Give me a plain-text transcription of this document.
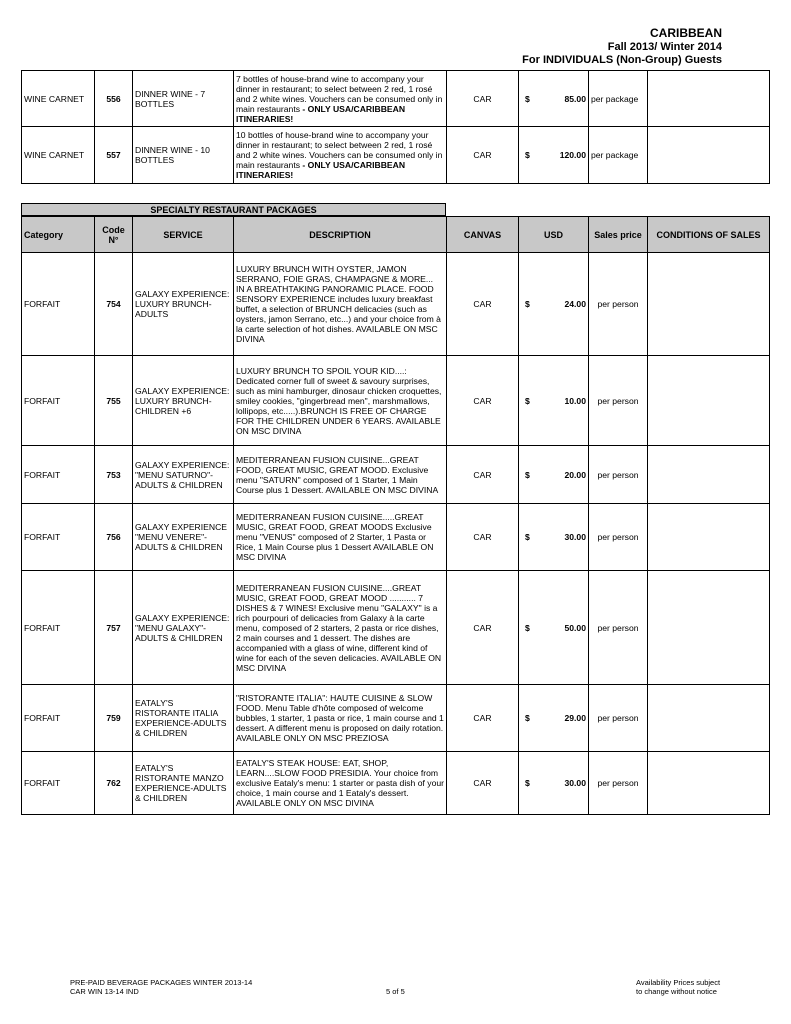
CARIBBEAN
Fall 2013/ Winter 2014
For INDIVIDUALS (Non-Group) Guests
WINE CARNET	556	DINNER WINE - 7 BOTTLES	7 bottles of house-brand wine to accompany your dinner in restaurant; to select between 2 red, 1 rosé and 2 white wines. Vouchers can be consumed only in main restaurants - ONLY USA/CARIBBEAN ITINERARIES!	CAR	$ 85.00	per package	
WINE CARNET	557	DINNER WINE - 10 BOTTLES	10 bottles of house-brand wine to accompany your dinner in restaurant; to select between 2 red, 1 rosé and 2 white wines. Vouchers can be consumed only in main restaurants - ONLY USA/CARIBBEAN ITINERARIES!	CAR	$ 120.00	per package	
SPECIALTY RESTAURANT PACKAGES
Category	Code N°	SERVICE	DESCRIPTION	CANVAS	USD	Sales price	CONDITIONS OF SALES
FORFAIT	754	GALAXY EXPERIENCE: LUXURY BRUNCH-ADULTS	LUXURY BRUNCH WITH OYSTER, JAMON SERRANO, FOIE GRAS, CHAMPAGNE & MORE... IN A BREATHTAKING PANORAMIC PLACE. FOOD SENSORY EXPERIENCE includes luxury breakfast buffet, a selection of BRUNCH delicacies (such as oysters, jamon Serrano, etc...) and your choice from à la carte selection of hot dishes. AVAILABLE ON MSC DIVINA	CAR	$ 24.00	per person	
FORFAIT	755	GALAXY EXPERIENCE: LUXURY BRUNCH-CHILDREN +6	LUXURY BRUNCH TO SPOIL YOUR KID....: Dedicated corner full of sweet & savoury surprises, such as mini hamburger, dinosaur chicken croquettes, smiley cookies, "gingerbread men", marshmallows, lollipops, etc.....).BRUNCH IS FREE OF CHARGE FOR THE CHILDREN UNDER 6 YEARS. AVAILABLE ON MSC DIVINA	CAR	$ 10.00	per person	
FORFAIT	753	GALAXY EXPERIENCE: "MENU SATURNO"-ADULTS & CHILDREN	MEDITERRANEAN FUSION CUISINE...GREAT FOOD, GREAT MUSIC, GREAT MOOD. Exclusive menu "SATURN" composed of 1 Starter, 1 Main Course plus 1 Dessert. AVAILABLE ON MSC DIVINA	CAR	$ 20.00	per person	
FORFAIT	756	GALAXY EXPERIENCE "MENU VENERE"-ADULTS & CHILDREN	MEDITERRANEAN FUSION CUISINE.....GREAT MUSIC, GREAT FOOD, GREAT MOODS Exclusive menu "VENUS" composed of 2 Starter, 1 Pasta or Rice, 1 Main Course plus 1 Dessert AVAILABLE ON MSC DIVINA	CAR	$ 30.00	per person	
FORFAIT	757	GALAXY EXPERIENCE: "MENU GALAXY"-ADULTS & CHILDREN	MEDITERRANEAN FUSION CUISINE....GREAT MUSIC, GREAT FOOD, GREAT MOOD ........... 7 DISHES & 7 WINES! Exclusive menu "GALAXY" is a rich pourpouri of delicacies from Galaxy à la carte menu, composed of 2 starters, 2 pasta or rice dishes, 2 main courses and 1 dessert. The dishes are accompanied with a glass of wine, different kind of wine for each of the seven delicacies. AVAILABLE ON MSC DIVINA	CAR	$ 50.00	per person	
FORFAIT	759	EATALY'S RISTORANTE ITALIA EXPERIENCE-ADULTS & CHILDREN	"RISTORANTE ITALIA": HAUTE CUISINE & SLOW FOOD. Menu Table d'hôte composed of welcome bubbles, 1 starter, 1 pasta or rice, 1 main course and 1 dessert. A different menu is proposed on daily rotation. AVAILABLE ONLY ON MSC PREZIOSA	CAR	$ 29.00	per person	
FORFAIT	762	EATALY'S RISTORANTE MANZO EXPERIENCE-ADULTS & CHILDREN	EATALY'S STEAK HOUSE: EAT, SHOP, LEARN....SLOW FOOD PRESIDIA. Your choice from exclusive Eataly's menu: 1 starter or pasta dish of your choice, 1 main course and 1 Eataly's dessert. AVAILABLE ONLY ON MSC DIVINA	CAR	$ 30.00	per person	
PRE-PAID BEVERAGE PACKAGES WINTER 2013-14
CAR WIN 13-14 IND	5 of 5
Availability Prices subject
to change without notice
